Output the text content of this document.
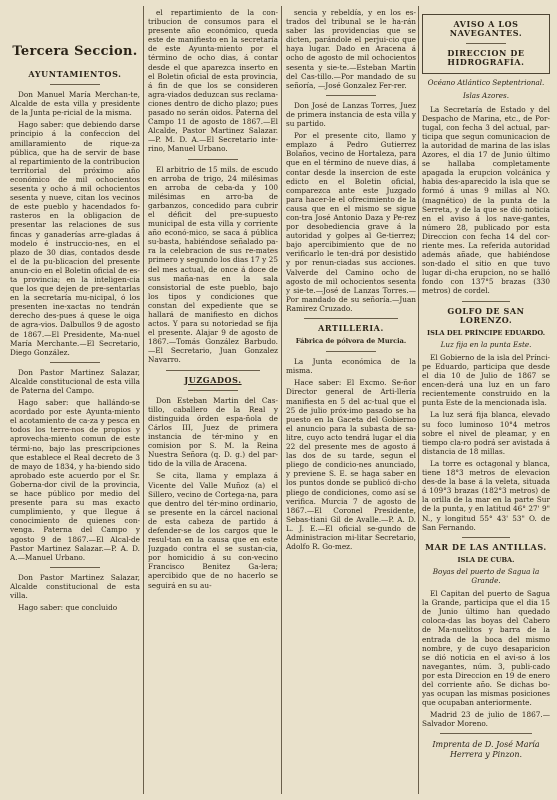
Tercera Seccion.
AYUNTAMIENTOS.

Don Manuel María Merchan-te, Alcalde de esta villa y presidente de la Junta pe-ricial de la misma.

Hago saber: que debiendo darse principio á la confeccion del amillaramiento de rique-za pública, que ha de servir de base al repartimiento de la contribucion territorial del próximo año económico de mil ochocientos sesenta y ocho á mil ochocientos sesenta y nueve, citan los vecinos de este pueblo y hacendados fo-rasteros en la obligacion de presentar las relaciones de sus fincas y ganaderías arre-gladas á modelo é instruccio-nes, en el plazo de 30 dias, contados desde el de la pu-blicacion del presente anun-cio en el Boletin oficial de es-ta provincia; en la inteligen-cia que los que dejen de pre-sentarlas en la secretaría mu-nicipal, ó los presenten ine-xactas no tendrán derecho des-pues á quese le oiga de agra-vios. Dalbullos 9 de agosto de 1867.—El Presidente, Ma-nuel María Merchante.—El Secretario, Diego González.

Don Pastor Martinez Salazar, Alcalde constitucional de esta villa de Paterna del Campo.

Hago saber: que hallándo-se acordado por este Ayunta-miento el acotamiento de ca-za y pesca en todos los terre-nos de propios y aprovecha-miento comun de este térmi-no, bajo las prescripciones que establece el Real decreto de 3 de mayo de 1834, y ha-biendo sido aprobado este acuerdo por el Sr. Goberna-dor civil de la provincia, se hace público por medio del presente para su mas exacto cumplimiento, y que llegue á conocimiento de quienes con-venga. Paterna del Campo y agosto 9 de 1867.—El Alcal-de Pastor Martinez Salazar.—P. A. D. A.—Manuel Urbano.

Don Pastor Martinez Salazar, Alcalde constitucional de esta villa.

Hago saber: que concluido

el repartimiento de la con-tribucion de consumos para el presente año económico, queda este de manifiesto en la secretaría de este Ayunta-miento por el término de ocho dias, á contar desde el que aparezca inserto en el Boletin oficial de esta provincia, á fin de que los se consideren agra-viados deduzcan sus reclama-ciones dentro de dicho plazo; pues pasado no serán oidos. Paterna del Campo 11 de agosto de 1867.—El Alcalde, Pastor Martinez Salazar.—P. M. D. A.—El Secretario inte-rino, Manuel Urbano.

El arbitrio de 15 mils. de escudo en arroba de trigo, 24 milésimas en arroba de ceba-da y 100 milésimas en arro-ba de garbanzos, concedido para cubrir el déficit del pre-supuesto municipal de esta villa y corriente año econó-mico, se saca á pública su-basta, habiéndose señalado pa-ra la celebracion de sus re-mates primero y segundo los dias 17 y 25 del mes actual, de once á doce de sus maña-nas en la sala consistorial de este pueblo, bajo los tipos y condiciones que constan del expediente que se hallará de manifiesto en dichos actos. Y para su notoriedad se fija el presente. Alajar 9 de agosto de 1867.—Tomás González Barbudo.—El Secretario, Juan Gonzalez Navarro.

JUZGADOS.

Don Esteban Martin del Cas-tillo, caballero de la Real y distinguida órden espa-ñola de Cárlos III, Juez de primera instancia de tér-mino y en comision por S. M. la Reina Nuestra Señora (q. D. g.) del par-tido de la villa de Aracena.

Se cita, llama y emplaza á Vicente del Valle Muñoz (a) el Sillero, vecino de Cortega-na, para que dentro del tér-mino ordinario, se presente en la cárcel nacional de esta cabeza de partido á defender-se de los cargos que le resul-tan en la causa que en este Juzgado contra el se sustan-cia, por homicidio á su con-vecino Francisco Benitez Ga-lera; apercibido que de no hacerlo se seguirá en su au-

sencia y rebeldía, y en los es-trados del tribunal se le ha-rán saber las providencias que se dicten, parándole el perjui-cio que haya lugar. Dado en Aracena á ocho de agosto de mil ochocientos sesenta y sie-te.—Esteban Martin del Cas-tillo.—Por mandado de su señoría, —José Gonzalez Fer-rer.

Don José de Lanzas Torres, Juez de primera instancia de esta villa y su partido.

Por el presente cito, llamo y emplazo á Pedro Gutierrez Bolaños, vecino de Hortaleza, para que en el término de nueve dias, á contar desde la insercion de este edicto en el Boletin oficial, comparezca ante este Juzgado para hacer-le el ofrecimiento de la causa que en el mismo se sigue con-tra José Antonio Daza y Pe-rez por desobediencia grave á la autoridad y golpes al Ge-tierrez; bajo apercibimiento que de no verificarlo le ten-drá por desistido y por renun-ciadas sus acciones. Valverde del Camino ocho de agosto de mil ochocientos sesenta y sie-te.—José de Lanzas Torres.—Por mandado de su señoría.—Juan Ramirez Cruzado.

ARTILLERIA.
Fábrica de pólvora de Murcia.

La Junta económica de la misma.

Hace saber: El Excmo. Se-ñor Director general de Arti-llería manifiesta en 5 del ac-tual que el 25 de julio próx-imo pasado se ha puesto en la Gaceta del Gobierno el anuncio para la subasta de sa-litre, cuyo acto tendrá lugar el dia 22 del presente mes de agosto á las dos de su tarde, segun el pliego de condicio-nes anunciado, y previene S. E. se haga saber en los puntos donde se publicó di-cho pliego de condiciones, como así se verifica. Murcia 7 de agosto de 1867.—El Coronel Presidente, Sebas-tiani Gil de Avalle.—P. A. D. L. J. E.—El oficial se-gundo de Administracion mi-litar Secretario, Adolfo R. Go-mez.

AVISO A LOS NAVEGANTES.
DIRECCION DE HIDROGRAFÍA.
Océano Atlántico Septentrional.
Islas Azores.

La Secretaría de Estado y del Despacho de Marina, etc., de Por-tugal, con fecha 3 del actual, par-ticipa que segun comunicacion de la autoridad de marina de las islas Azores, el dia 17 de Junio último se hallaba completamente apagada la erupcion volcánica y habia des-aparecido la isla que se formó á unas 9 millas al NO. (magnético) de la punta de la Serreta, y de la que se dió noticia en el aviso á los nave-gantes, número 28, publicado por esta Direccion con fecha 14 del cor-riente mes. La referida autoridad además añade, que habiéndose son-dado el sitio en que tuvo lugar di-cha erupcion, no se halló fondo con 137°5 brazas (330 metros) de cordel.

GOLFO DE SAN LORENZO.
ISLA DEL PRÍNCIPE EDUARDO.
Luz fija en la punta Este.

El Gobierno de la isla del Prínci-pe Eduardo, participa que desde el dia 10 de Julio de 1867 se encen-derá una luz en un faro recientemente construido en la punta Este de la mencionada isla.

La luz será fija blanca, elevado su foco luminoso 10°4 metros sobre el nivel de pleamar, y en tiempo cla-ro podrá ser avistada á distancia de 18 millas.

La torre es octagonal y blanca, tiene 18°3 metros de elevacion des-de la base á la veleta, situada á 109°3 brazas (182°3 metros) de la orilla de la mar en la parte Sur de la punta, y en latitud 46° 27' 9" N., y longitud 55° 43' 53" O. de San Fernando.

MAR DE LAS ANTILLAS.
ISLA DE CUBA.
Boyas del puerto de Sagua la Grande.

El Capitan del puerto de Sagua la Grande, participa que el dia 15 de Junio último han quedado coloca-das las boyas del Cabero de Ma-nuelitos y barra de la entrada de la boca del mismo nombre, y de cuyo desaparicion se dió noticia en el avi-so á los navegantes, núm. 3, publi-cado por esta Direccion en 19 de enero del corriente año. Se dichas bo-yas ocupan las mismas posiciones que ocupaban anteriormente.

Madrid 23 de julio de 1867.—Salvador Moreno.

Imprenta de D. José María
Herrera y Pinzon.
